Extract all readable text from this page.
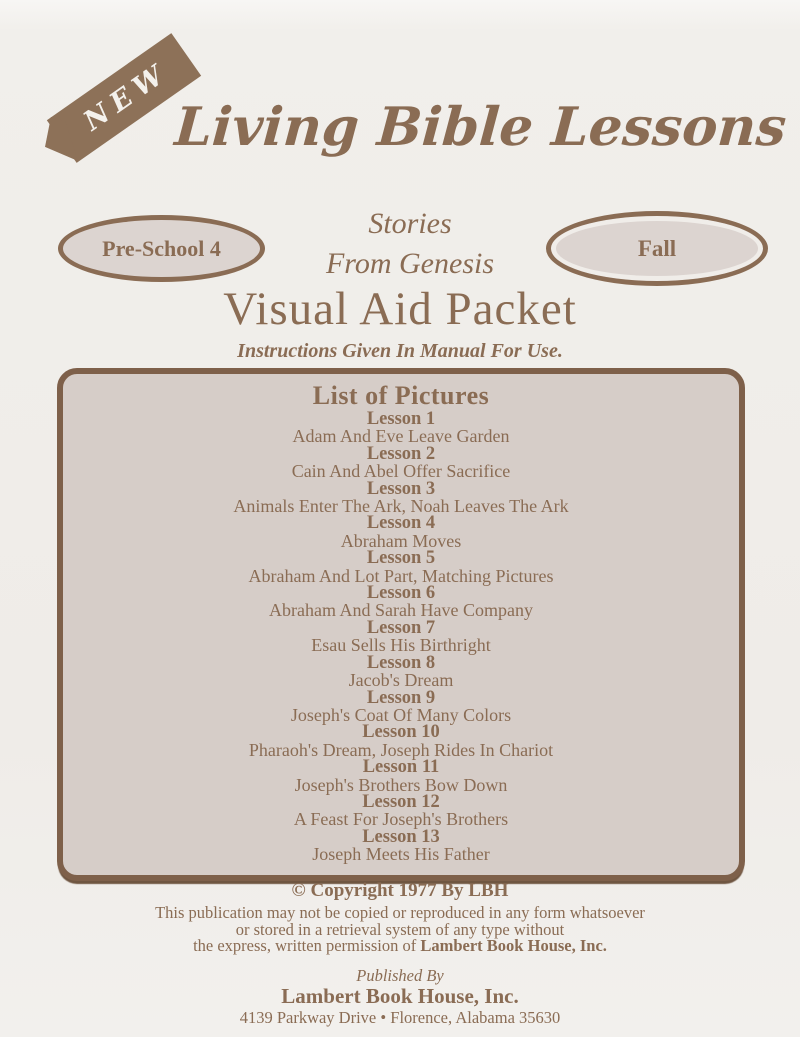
NEW
Living Bible Lessons
Pre-School 4
Stories
From Genesis	Fall
Visual Aid Packet
Instructions Given In Manual For Use.
List of Pictures
Lesson 1
Adam And Eve Leave Garden
Lesson 2
Cain And Abel Offer Sacrifice
Lesson 3
Animals Enter The Ark, Noah Leaves The Ark
Lesson 4
Abraham Moves
Lesson 5
Abraham And Lot Part, Matching Pictures
Lesson 6
Abraham And Sarah Have Company
Lesson 7
Esau Sells His Birthright
Lesson 8
Jacob's Dream
Lesson 9
Joseph's Coat Of Many Colors
Lesson 10
Pharaoh's Dream, Joseph Rides In Chariot
Lesson 11
Joseph's Brothers Bow Down
Lesson 12
A Feast For Joseph's Brothers
Lesson 13
Joseph Meets His Father
© Copyright 1977 By LBH
This publication may not be copied or reproduced in any form whatsoever
or stored in a retrieval system of any type without
the express, written permission of Lambert Book House, Inc.
Published By
Lambert Book House, Inc.
4139 Parkway Drive • Florence, Alabama 35630
